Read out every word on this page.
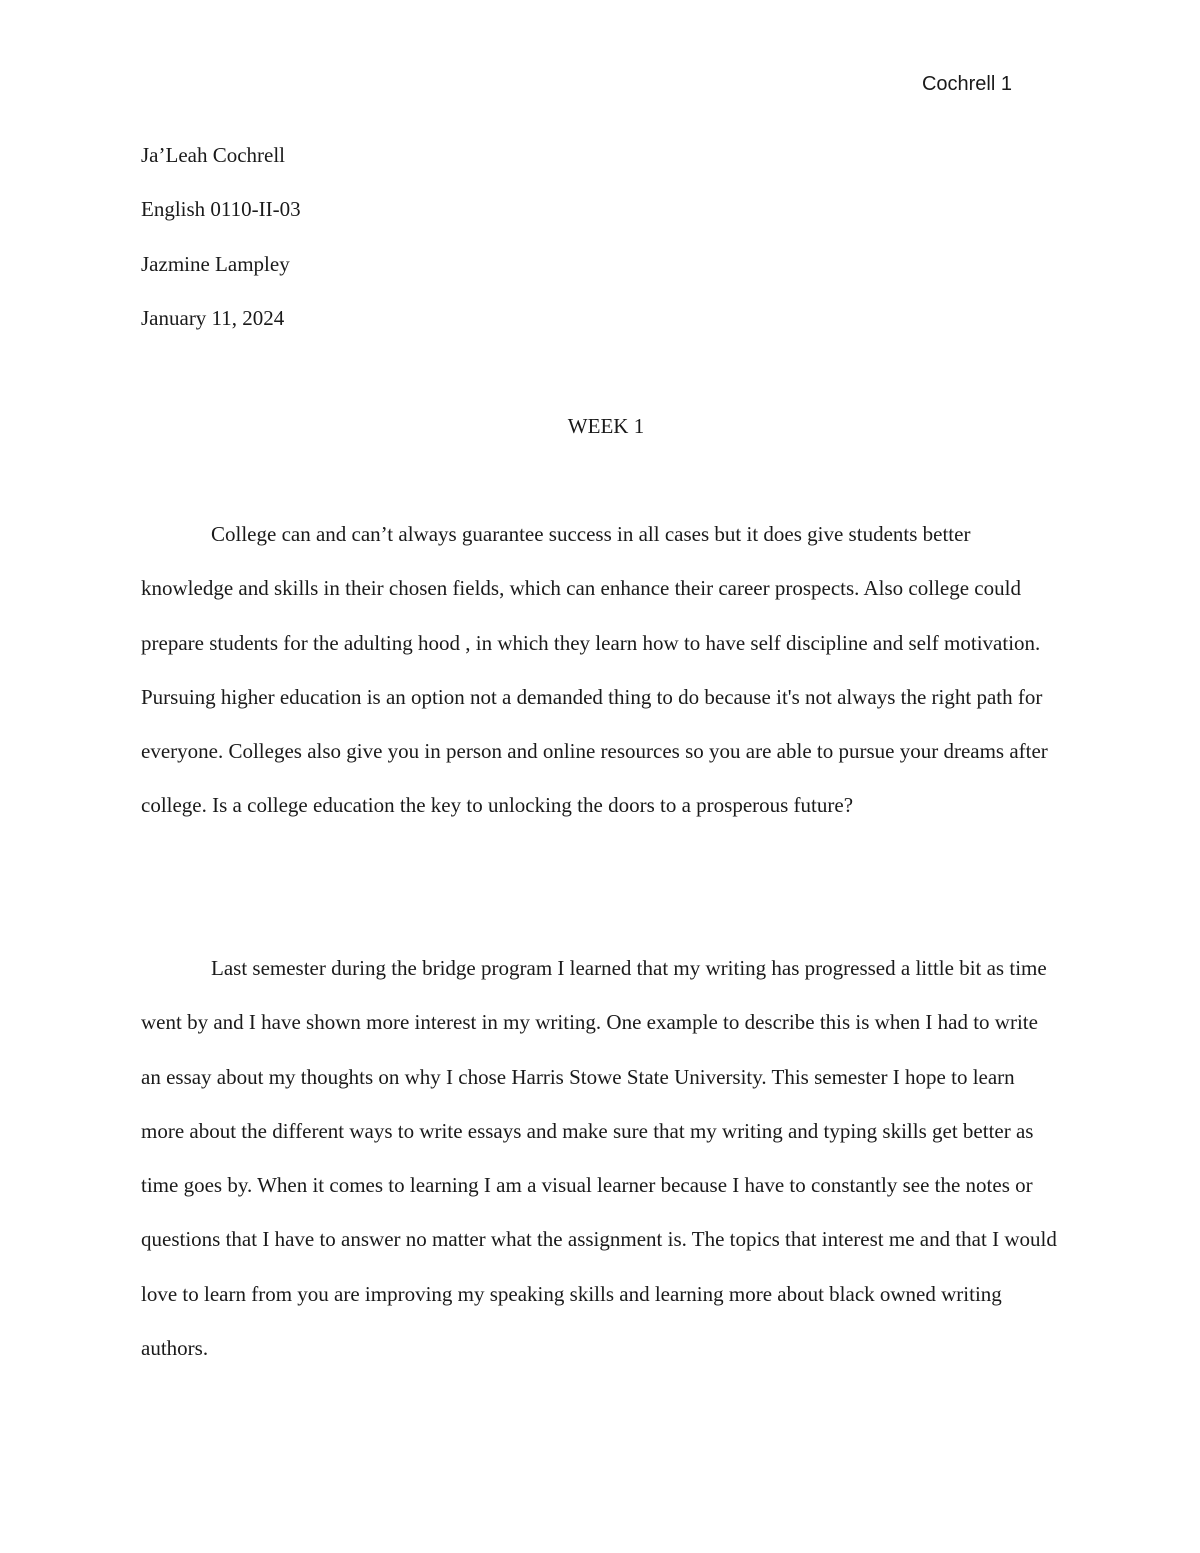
Cochrell 1
Ja’Leah Cochrell
English 0110-II-03
Jazmine Lampley
January 11, 2024
WEEK 1

College can and can’t always guarantee success in all cases but it does give students better knowledge and skills in their chosen fields, which can enhance their career prospects. Also college could prepare students for the adulting hood , in which they learn how to have self discipline and self motivation. Pursuing higher education is an option not a demanded thing to do because it's not always the right path for everyone. Colleges also give you in person and online resources so you are able to pursue your dreams after college. Is a college education the key to unlocking the doors to a prosperous future?

Last semester during the bridge program I learned that my writing has progressed a little bit as time went by and I have shown more interest in my writing. One example to describe this is when I had to write an essay about my thoughts on why I chose Harris Stowe State University. This semester I hope to learn more about the different ways to write essays and make sure that my writing and typing skills get better as time goes by. When it comes to learning I am a visual learner because I have to constantly see the notes or questions that I have to answer no matter what the assignment is. The topics that interest me and that I would love to learn from you are improving my speaking skills and learning more about black owned writing authors.
